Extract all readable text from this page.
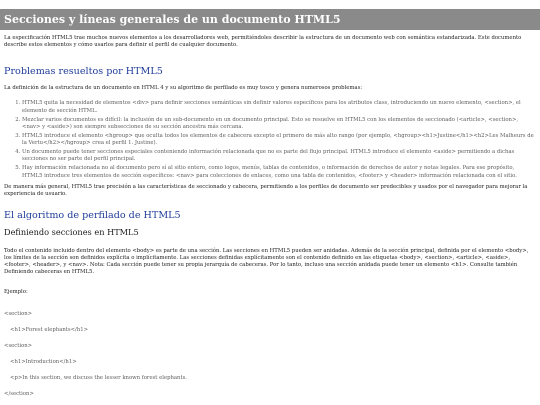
Secciones y líneas generales de un documento HTML5

La especificación HTML5 trae muchos nuevos elementos a los desarrolladores web, permitiéndoles describir la estructura de un documento web con semántica estandarizada. Este documento describe estos elementos y cómo usarlos para definir el perfil de cualquier documento.

Problemas resueltos por HTML5

La definición de la estructura de un documento en HTML 4 y su algoritmo de perfilado es muy tosco y genera numerosos problemas:

1. HTML5 quita la necesidad de elementos <div> para definir secciones semánticas sin definir valores específicos para los atributos class, introduciendo un nuevo elemento, <section>, el elemento de sección HTML.
2. Mezclar varios documentos es difícil: la inclusión de un sub-documento en un documento principal. Esto se resuelve en HTML5 con los elementos de seccionado (<article>, <section>, <nav> y <aside>) son siempre subsecciones de su sección ancestra más cercana.
3. HTML5 introduce el elemento <hgroup> que oculta todos los elementos de cabecera excepto el primero de más alto rango (por ejemplo, <hgroup><h1>Justine</h1><h2>Les Malheurs de la Vertu</h2></hgroup> crea el perfil 1. Justine).
4. Un documento puede tener secciones especiales conteniendo información relacionada que no es parte del flujo principal. HTML5 introduce el elemento <aside> permitiendo a dichas secciones no ser parte del perfil principal.
5. Hay información relacionada no al documento pero sí al sitio entero, como logos, menús, tablas de contenidos, o información de derechos de autor y notas legales. Para ese propósito, HTML5 introduce tres elementos de sección específicos: <nav> para colecciones de enlaces, como una tabla de contenidos, <footer> y <header> información relacionada con el sitio.

De manera más general, HTML5 trae precisión a las características de seccionado y cabecera, permitiendo a los perfiles de documento ser predecibles y usados por el navegador para mejorar la experiencia de usuario.

El algoritmo de perfilado de HTML5
Definiendo secciones en HTML5

Todo el contenido incluido dentro del elemento <body> es parte de una sección. Las secciones en HTML5 pueden ser anidadas. Además de la sección principal, definida por el elemento <body>, los límites de la sección son definidos explícita o implícitamente. Las secciones definidas explícitamente son el contenido definido en las etiquetas <body>, <section>, <article>, <aside>, <footer>, <header>, y <nav>. Nota: Cada sección puede tener su propia jerarquía de cabeceras. Por lo tanto, incluso una sección anidada puede tener un elemento <h1>. Consulte también Definiendo cabeceras en HTML5.

Ejemplo:

<section>

<h1>Forest elephants</h1>

<section>

<h1>Introduction</h1>

<p>In this section, we discuss the lesser known forest elephants.

</section>
